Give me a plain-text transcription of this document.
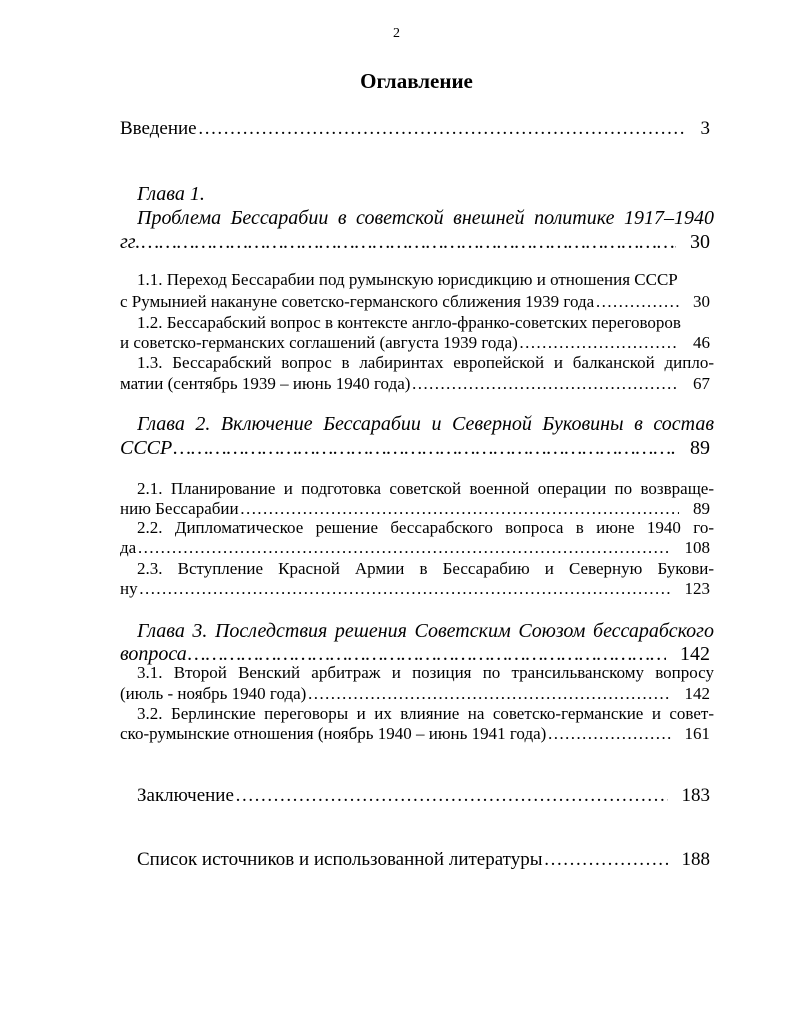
2
Оглавление
Введение …………………………………………………………………………………………………………………………………………………………………………	3
Глава 1.
Проблема Бессарабии в советской внешней политике 1917–1940
гг. …………………………………………………………………………………………………………………………………………………………………………	30
1.1. Переход Бессарабии под румынскую юрисдикцию и отношения СССР
с Румынией накануне советско-германского сближения 1939 года …………………………………………………………………………………………………………………………………………………………………………	30
1.2. Бессарабский вопрос в контексте англо-франко-советских переговоров
и советско-германских соглашений (августа 1939 года) …………………………………………………………………………………………………………………………………………………………………………	46
1.3. Бессарабский вопрос в лабиринтах европейской и балканской дипло-
матии (сентябрь 1939 – июнь 1940 года) …………………………………………………………………………………………………………………………………………………………………………	67
Глава 2. Включение Бессарабии и Северной Буковины в состав
СССР …………………………………………………………………………………………………………………………………………………………………………	89
2.1. Планирование и подготовка советской военной операции по возвраще-
нию Бессарабии …………………………………………………………………………………………………………………………………………………………………………	89
2.2. Дипломатическое решение бессарабского вопроса в июне 1940 го-
да …………………………………………………………………………………………………………………………………………………………………………	108
2.3. Вступление Красной Армии в Бессарабию и Северную Букови-
ну …………………………………………………………………………………………………………………………………………………………………………	123
Глава 3. Последствия решения Советским Союзом бессарабского
вопроса …………………………………………………………………………………………………………………………………………………………………………	142
3.1. Второй Венский арбитраж и позиция по трансильванскому вопросу
(июль - ноябрь 1940 года) …………………………………………………………………………………………………………………………………………………………………………	142
3.2. Берлинские переговоры и их влияние на советско-германские и совет-
ско-румынские отношения (ноябрь 1940 – июнь 1941 года) …………………………………………………………………………………………………………………………………………………………………………	161
Заключение …………………………………………………………………………………………………………………………………………………………………………	183
Список источников и использованной литературы …………………………………………………………………………………………………………………………………………………………………………	188
